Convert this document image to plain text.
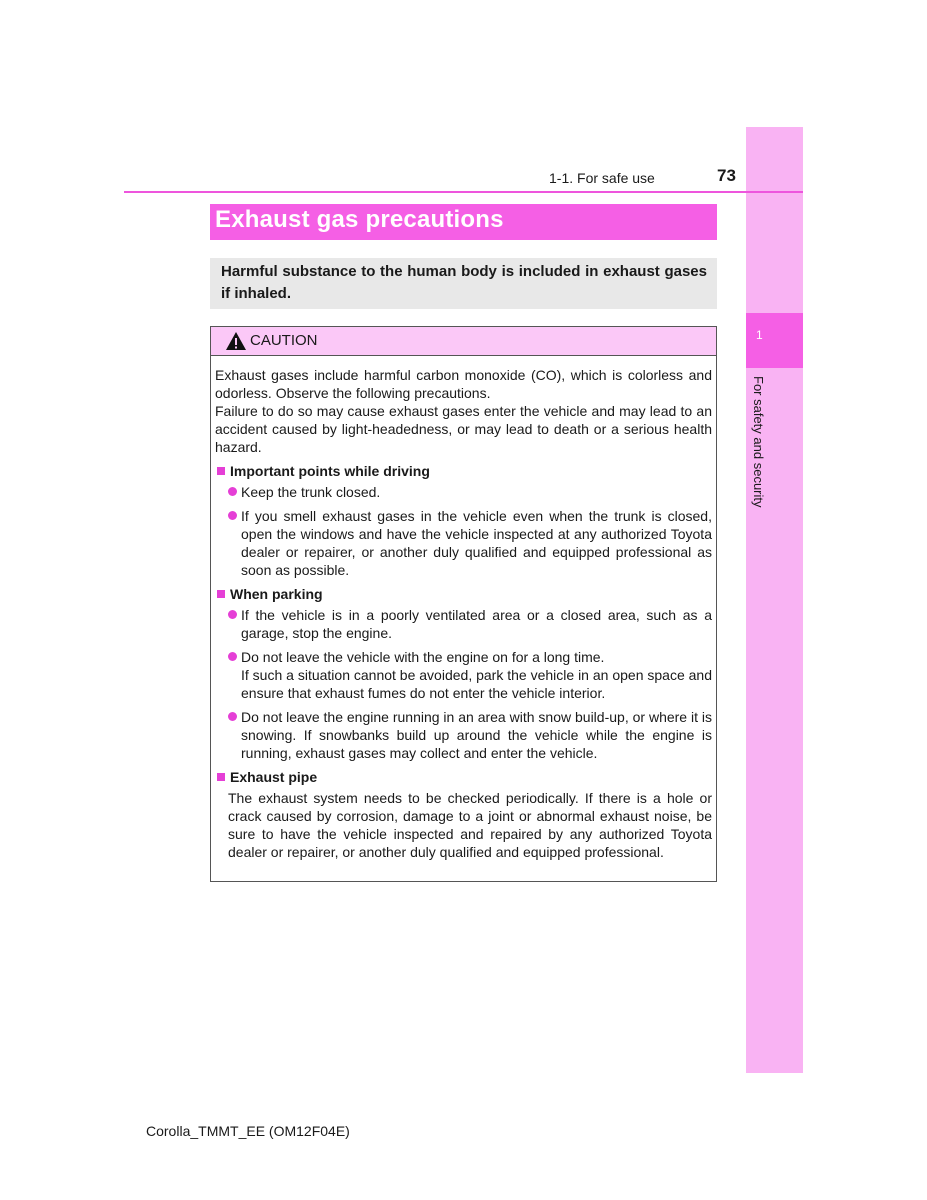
1
For safety and security
1-1. For safe use	73
Exhaust gas precautions
Harmful substance to the human body is included in exhaust gases if inhaled.
CAUTION

Exhaust gases include harmful carbon monoxide (CO), which is colorless and odorless. Observe the following precautions.

Failure to do so may cause exhaust gases enter the vehicle and may lead to an accident caused by light-headedness, or may lead to death or a serious health hazard.

Important points while driving
Keep the trunk closed.
If you smell exhaust gases in the vehicle even when the trunk is closed, open the windows and have the vehicle inspected at any authorized Toyota dealer or repairer, or another duly qualified and equipped professional as soon as possible.
When parking
If the vehicle is in a poorly ventilated area or a closed area, such as a garage, stop the engine.
Do not leave the vehicle with the engine on for a long time.
If such a situation cannot be avoided, park the vehicle in an open space and ensure that exhaust fumes do not enter the vehicle interior.
Do not leave the engine running in an area with snow build-up, or where it is snowing. If snowbanks build up around the vehicle while the engine is running, exhaust gases may collect and enter the vehicle.
Exhaust pipe

The exhaust system needs to be checked periodically. If there is a hole or crack caused by corrosion, damage to a joint or abnormal exhaust noise, be sure to have the vehicle inspected and repaired by any authorized Toyota dealer or repairer, or another duly qualified and equipped professional.

Corolla_TMMT_EE (OM12F04E)
